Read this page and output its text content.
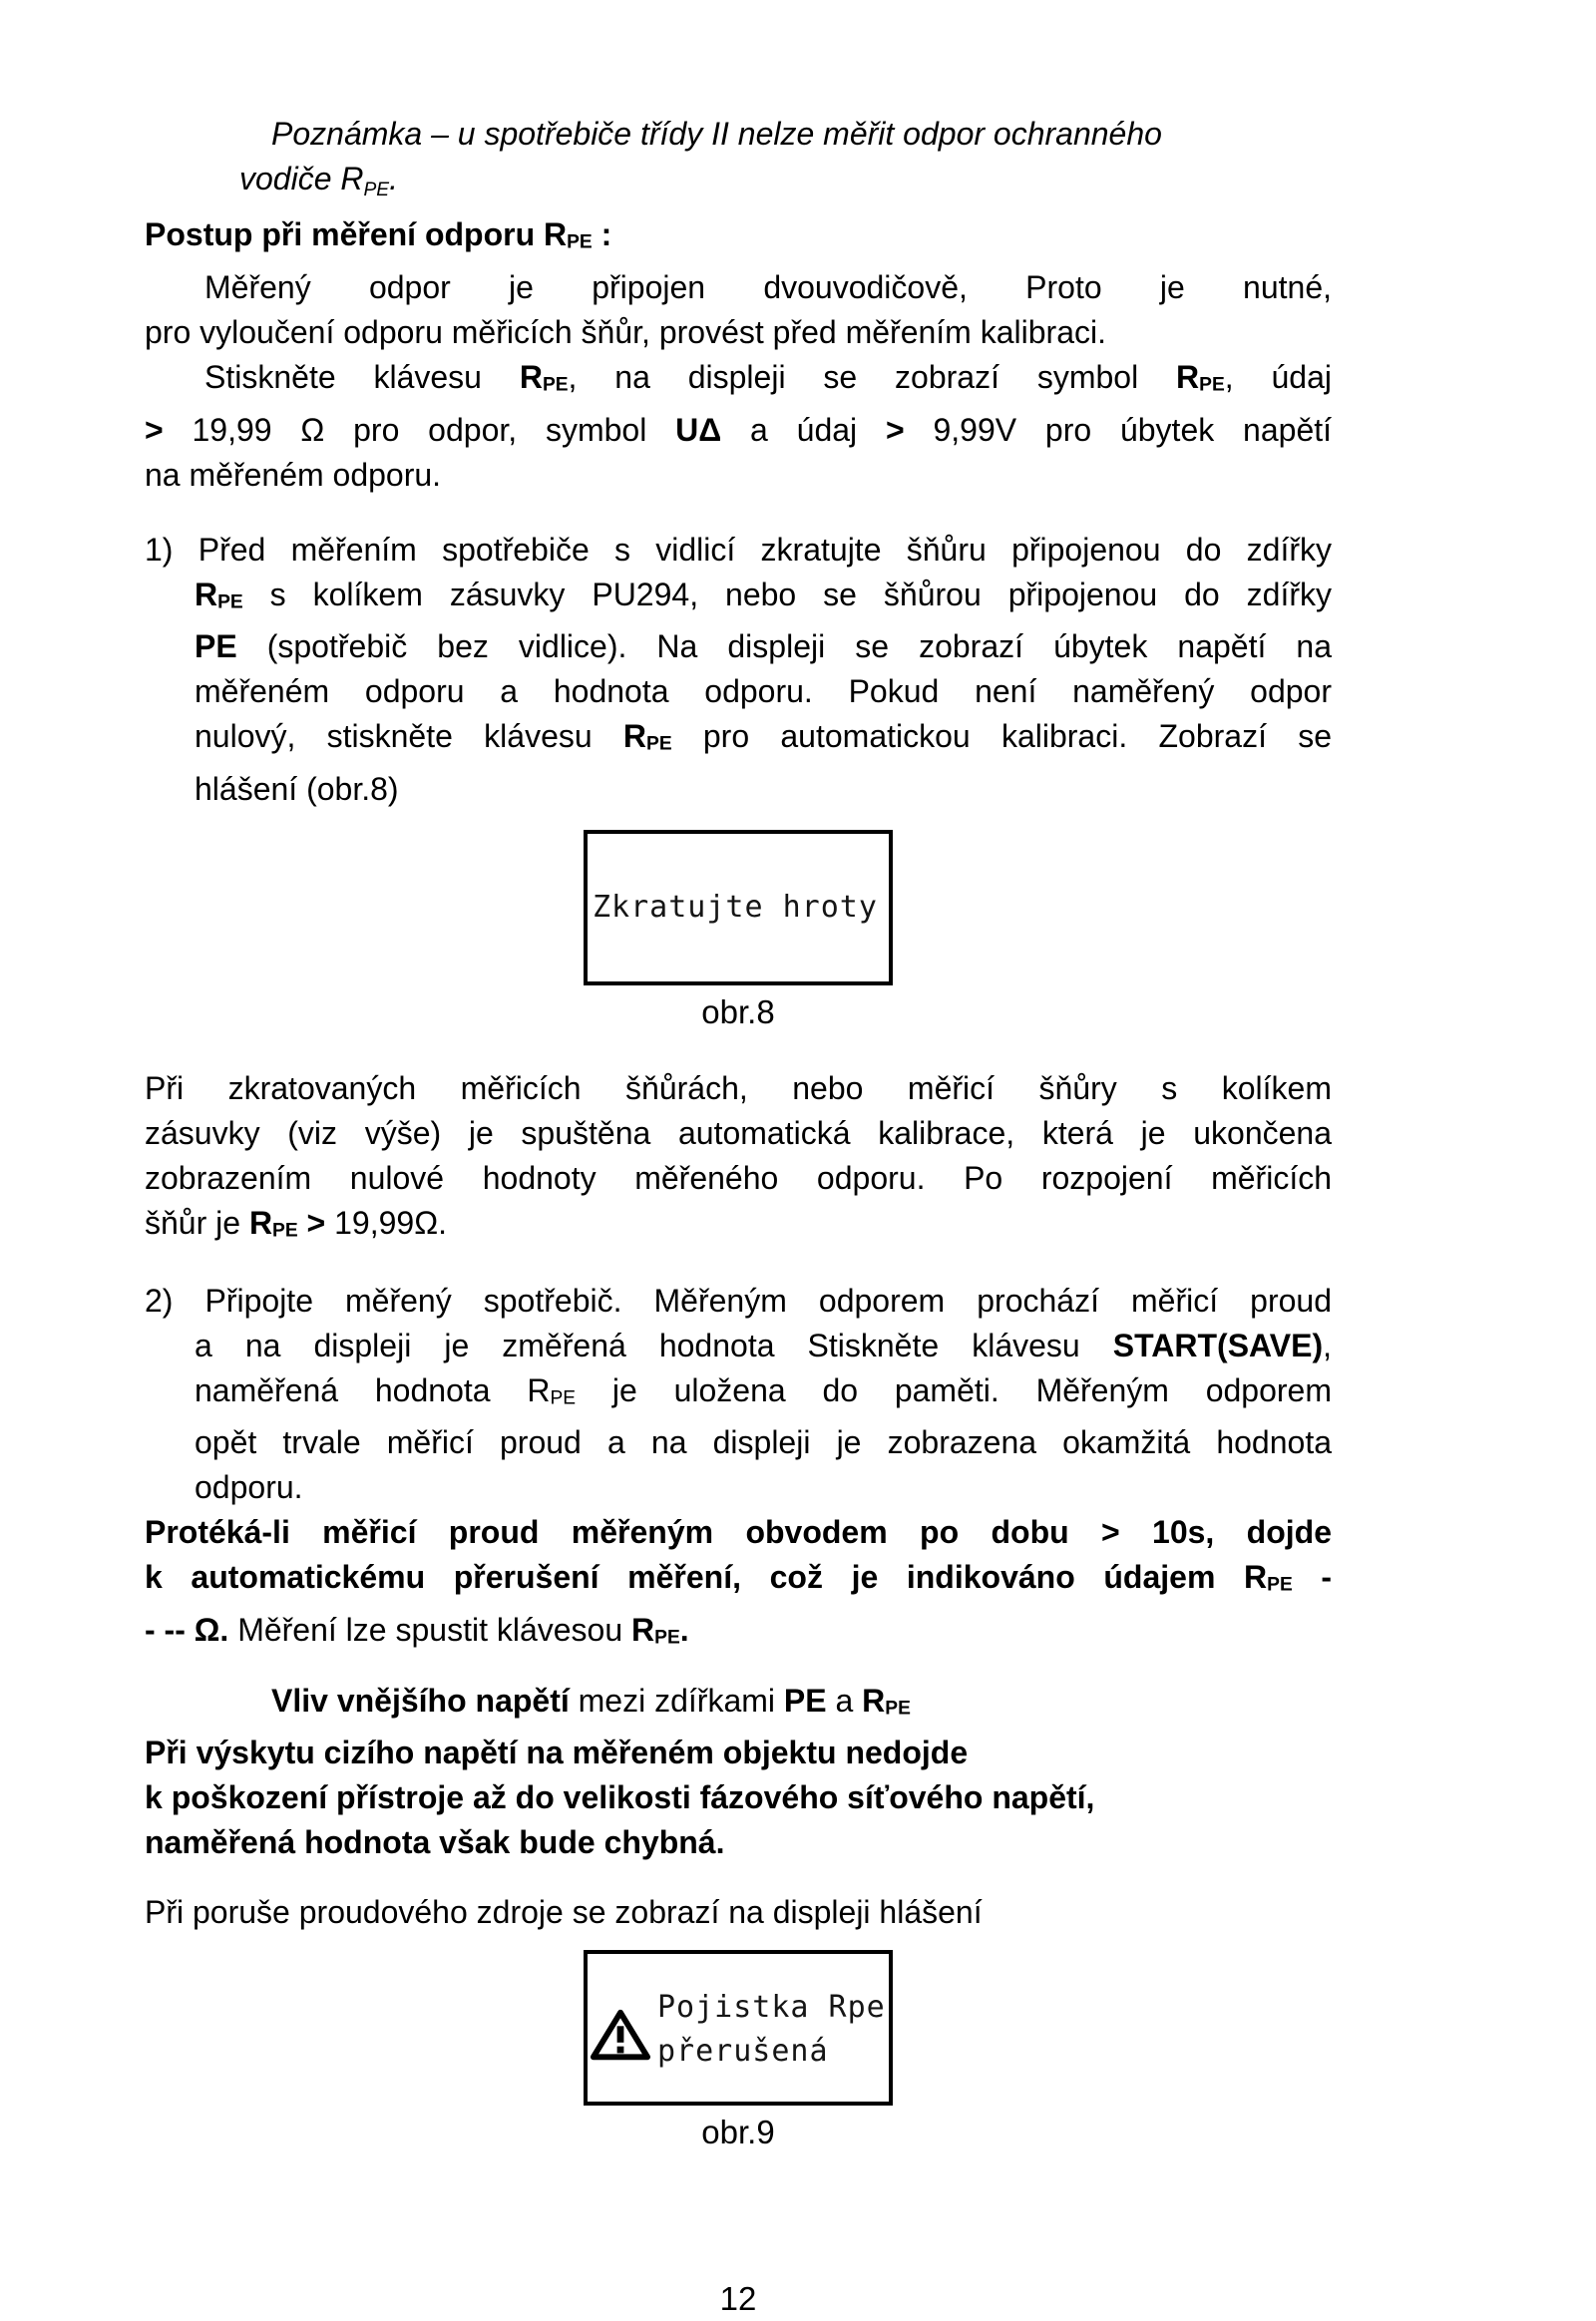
Poznámka – u spotřebiče třídy II nelze měřit odpor ochranného
vodiče $R_{PE}$.
Postup při měření odporu RPE :
Měřený odpor je připojen dvouvodičově, Proto je nutné,
pro vyloučení odporu měřicích šňůr, provést před měřením kalibraci.
Stiskněte klávesu RPE, na displeji se zobrazí symbol RPE, údaj
> 19,99 Ω pro odpor, symbol UΔ a údaj > 9,99V pro úbytek napětí
na měřeném odporu.
1) Před měřením spotřebiče s vidlicí zkratujte šňůru připojenou do zdířky
RPE s kolíkem zásuvky PU294, nebo se šňůrou připojenou do zdířky
PE (spotřebič bez vidlice). Na displeji se zobrazí úbytek napětí na
měřeném odporu a hodnota odporu. Pokud není naměřený odpor
nulový, stiskněte klávesu RPE pro automatickou kalibraci. Zobrazí se
hlášení (obr.8)
Zkratujte hroty
obr.8
Při zkratovaných měřicích šňůrách, nebo měřicí šňůry s kolíkem
zásuvky (viz výše) je spuštěna automatická kalibrace, která je ukončena
zobrazením nulové hodnoty měřeného odporu. Po rozpojení měřicích
šňůr je RPE > 19,99Ω.
2) Připojte měřený spotřebič. Měřeným odporem prochází měřicí proud
a na displeji je změřená hodnota Stiskněte klávesu START(SAVE),
naměřená hodnota RPE je uložena do paměti. Měřeným odporem
opět trvale měřicí proud a na displeji je zobrazena okamžitá hodnota
odporu.
Protéká-li měřicí proud měřeným obvodem po dobu > 10s, dojde
k automatickému přerušení měření, což je indikováno údajem RPE -
- -- Ω. Měření lze spustit klávesou RPE.
Vliv vnějšího napětí mezi zdířkami PE a RPE
Při výskytu cizího napětí na měřeném objektu nedojde
k poškození přístroje až do velikosti fázového síťového napětí,
naměřená hodnota však bude chybná.
Při poruše proudového zdroje se zobrazí na displeji hlášení
Pojistka Rpe
přerušená
obr.9
12
